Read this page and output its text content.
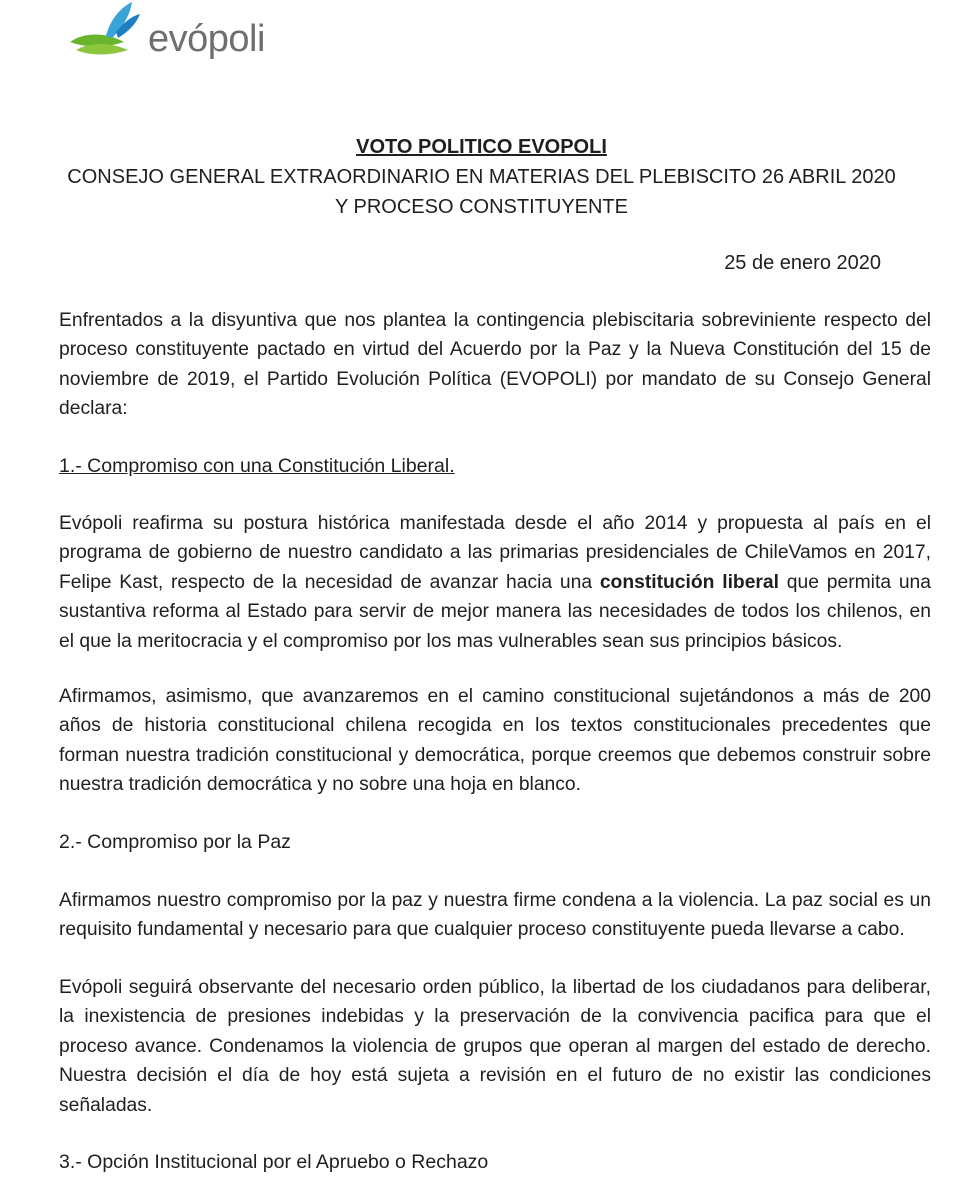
evópoli
VOTO POLITICO EVOPOLI
CONSEJO GENERAL EXTRAORDINARIO EN MATERIAS DEL PLEBISCITO 26 ABRIL 2020
Y PROCESO CONSTITUYENTE
25 de enero 2020

Enfrentados a la disyuntiva que nos plantea la contingencia plebiscitaria sobreviniente respecto del proceso constituyente pactado en virtud del Acuerdo por la Paz y la Nueva Constitución del 15 de noviembre de 2019, el Partido Evolución Política (EVOPOLI) por mandato de su Consejo General declara:

1.- Compromiso con una Constitución Liberal.

Evópoli reafirma su postura histórica manifestada desde el año 2014 y propuesta al país en el programa de gobierno de nuestro candidato a las primarias presidenciales de ChileVamos en 2017, Felipe Kast, respecto de la necesidad de avanzar hacia una constitución liberal que permita una sustantiva reforma al Estado para servir de mejor manera las necesidades de todos los chilenos, en el que la meritocracia y el compromiso por los mas vulnerables sean sus principios básicos.

Afirmamos, asimismo, que avanzaremos en el camino constitucional sujetándonos a más de 200 años de historia constitucional chilena recogida en los textos constitucionales precedentes que forman nuestra tradición constitucional y democrática, porque creemos que debemos construir sobre nuestra tradición democrática y no sobre una hoja en blanco.

2.- Compromiso por la Paz

Afirmamos nuestro compromiso por la paz y nuestra firme condena a la violencia. La paz social es un requisito fundamental y necesario para que cualquier proceso constituyente pueda llevarse a cabo.

Evópoli seguirá observante del necesario orden público, la libertad de los ciudadanos para deliberar, la inexistencia de presiones indebidas y la preservación de la convivencia pacifica para que el proceso avance. Condenamos la violencia de grupos que operan al margen del estado de derecho. Nuestra decisión el día de hoy está sujeta a revisión en el futuro de no existir las condiciones señaladas.

3.- Opción Institucional por el Apruebo o Rechazo
